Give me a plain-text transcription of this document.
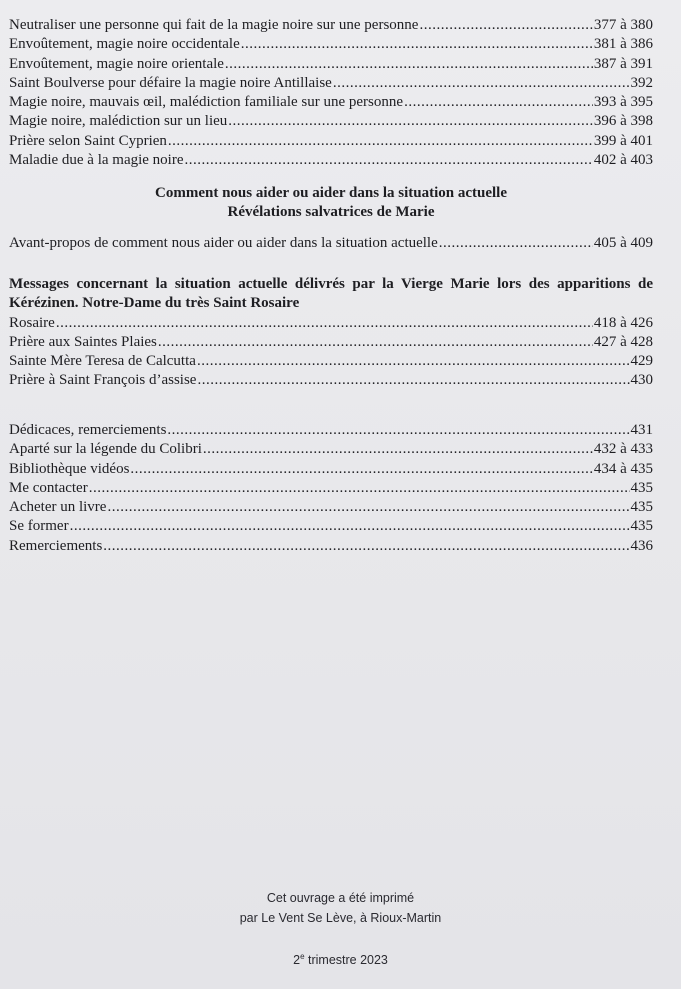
Neutraliser une personne qui fait de la magie noire sur une personne .....	377 à 380
Envoûtement, magie noire occidentale .....	381 à 386
Envoûtement, magie noire orientale .....	387 à 391
Saint Boulverse pour défaire la magie noire Antillaise .....	392
Magie noire, mauvais œil, malédiction familiale sur une personne .....	393 à 395
Magie noire, malédiction sur un lieu .....	396 à 398
Prière selon Saint Cyprien .....	399 à 401
Maladie due à la magie noire .....	402 à 403
Comment nous aider ou aider dans la situation actuelle
Révélations salvatrices de Marie
Avant-propos de comment nous aider ou aider dans la situation actuelle .....	405 à 409
Messages concernant la situation actuelle délivrés par la Vierge Marie lors des apparitions de Kérézinen. Notre-Dame du très Saint Rosaire
Rosaire .....	418 à 426
Prière aux Saintes Plaies .....	427 à 428
Sainte Mère Teresa de Calcutta .....	429
Prière à Saint François d’assise .....	430
Dédicaces, remerciements .....	431
Aparté sur la légende du Colibri .....	432 à 433
Bibliothèque vidéos .....	434 à 435
Me contacter .....	435
Acheter un livre .....	435
Se former .....	435
Remerciements .....	436
Cet ouvrage a été imprimé
par Le Vent Se Lève, à Rioux-Martin
2e trimestre 2023
